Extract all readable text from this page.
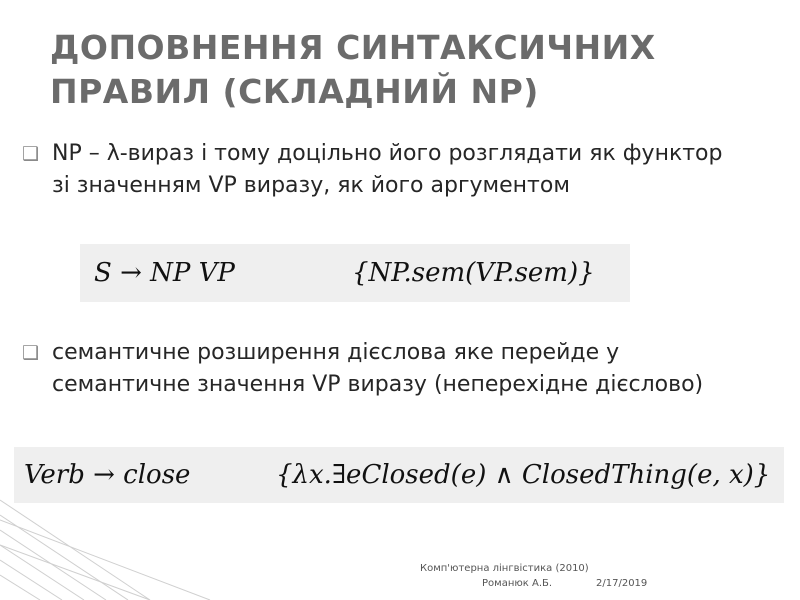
ДОПОВНЕННЯ СИНТАКСИЧНИХ ПРАВИЛ (СКЛАДНИЙ NP)
❑ NP – λ-вираз і тому доцільно його розглядати як функтор зі значенням VP виразу, як його аргументом
S → NP VP	{NP.sem(VP.sem)}
❑ семантичне розширення дієслова яке перейде у семантичне значення VP виразу (неперехідне дієслово)
Verb → close	{λx.∃eClosed(e) ∧ ClosedThing(e, x)}
Комп'ютерна лінгвістика (2010)
Романюк А.Б.	2/17/2019
